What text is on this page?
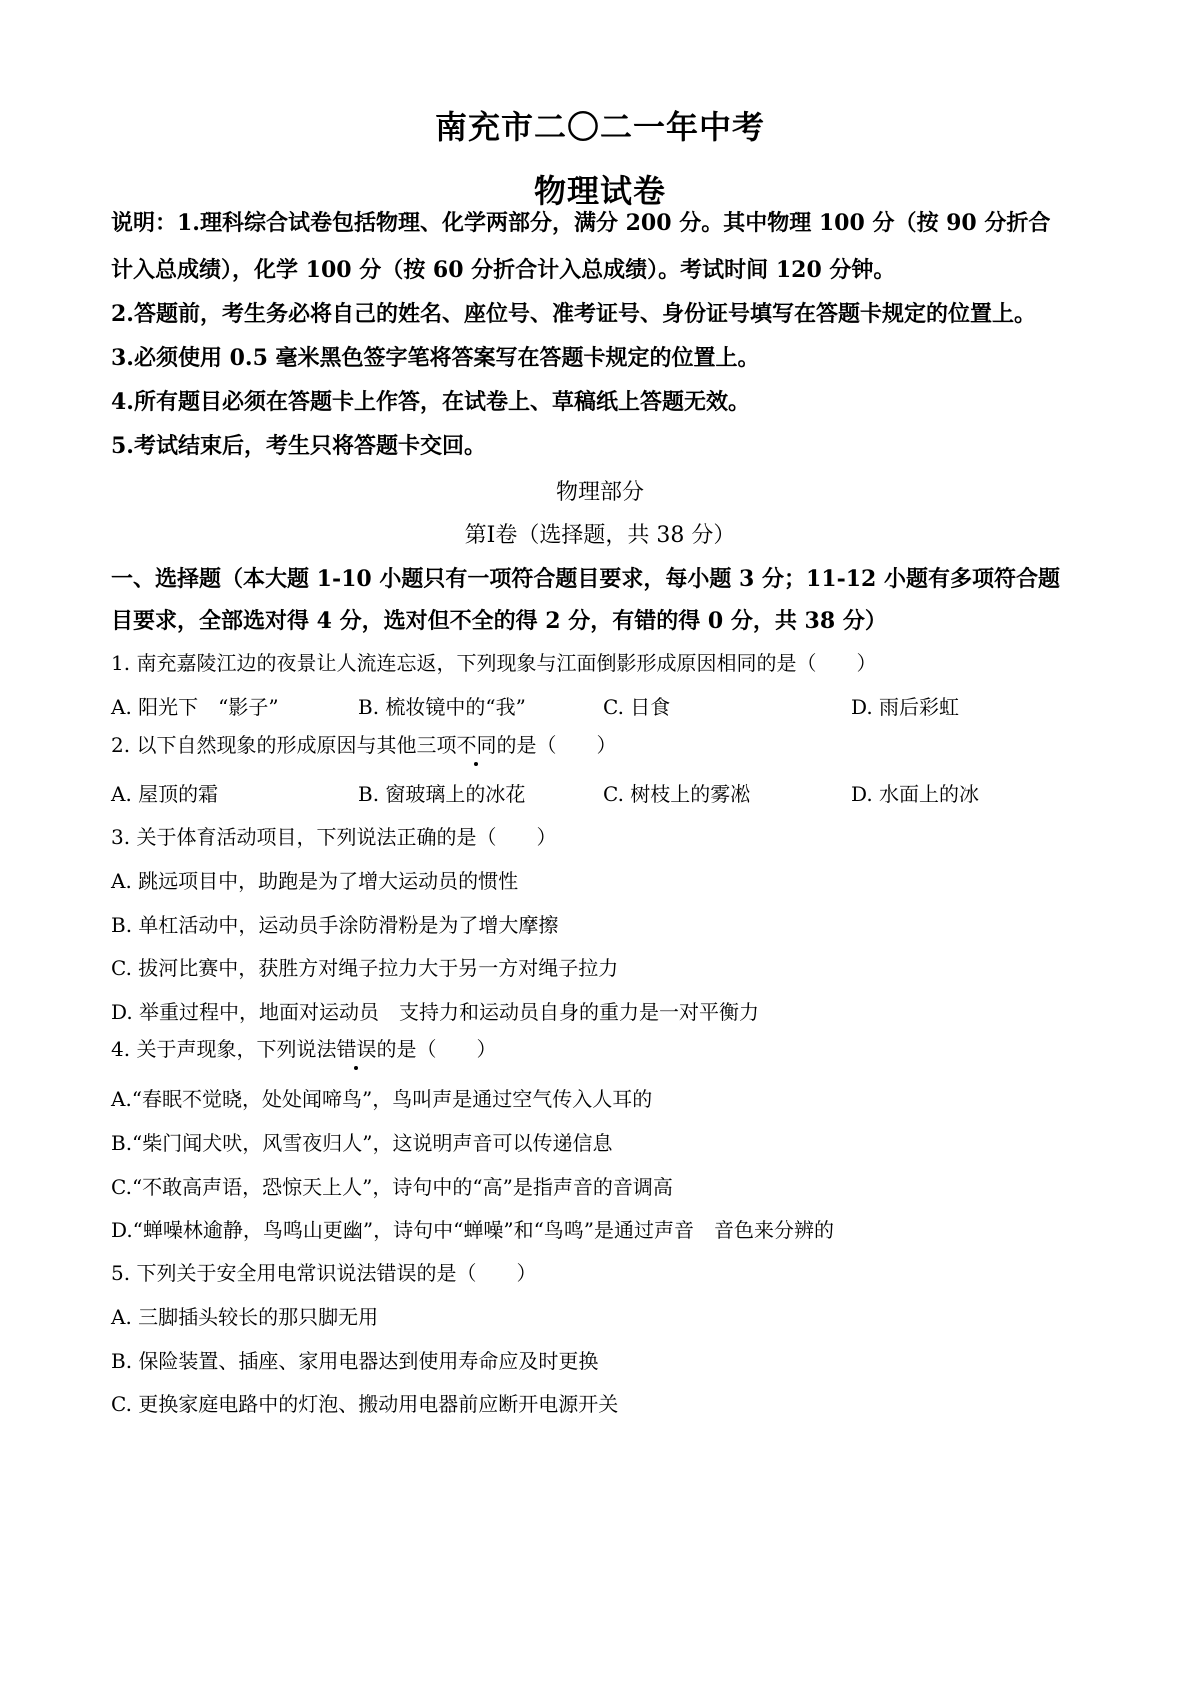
南充市二〇二一年中考
物理试卷
说明：1.理科综合试卷包括物理、化学两部分，满分 200 分。其中物理 100 分（按 90 分折合
计入总成绩），化学 100 分（按 60 分折合计入总成绩）。考试时间 120 分钟。
2.答题前，考生务必将自己的姓名、座位号、准考证号、身份证号填写在答题卡规定的位置上。
3.必须使用 0.5 毫米黑色签字笔将答案写在答题卡规定的位置上。
4.所有题目必须在答题卡上作答，在试卷上、草稿纸上答题无效。
5.考试结束后，考生只将答题卡交回。
物理部分
第Ⅰ卷（选择题，共 38 分）
一、选择题（本大题 1-10 小题只有一项符合题目要求，每小题 3 分；11-12 小题有多项符合题
目要求，全部选对得 4 分，选对但不全的得 2 分，有错的得 0 分，共 38 分）
1. 南充嘉陵江边的夜景让人流连忘返，下列现象与江面倒影形成原因相同的是（　　）
A. 阳光下　“影子”	B. 梳妆镜中的“我”	C. 日食	D. 雨后彩虹
2. 以下自然现象的形成原因与其他三项不同的是（　　）
A. 屋顶的霜	B. 窗玻璃上的冰花	C. 树枝上的雾凇	D. 水面上的冰
3. 关于体育活动项目，下列说法正确的是（　　）
A. 跳远项目中，助跑是为了增大运动员的惯性
B. 单杠活动中，运动员手涂防滑粉是为了增大摩擦
C. 拔河比赛中，获胜方对绳子拉力大于另一方对绳子拉力
D. 举重过程中，地面对运动员　支持力和运动员自身的重力是一对平衡力
4. 关于声现象，下列说法错误的是（　　）
A.“春眠不觉晓，处处闻啼鸟”，鸟叫声是通过空气传入人耳的
B.“柴门闻犬吠，风雪夜归人”，这说明声音可以传递信息
C.“不敢高声语，恐惊天上人”，诗句中的“高”是指声音的音调高
D.“蝉噪林逾静，鸟鸣山更幽”，诗句中“蝉噪”和“鸟鸣”是通过声音　音色来分辨的
5. 下列关于安全用电常识说法错误的是（　　）
A. 三脚插头较长的那只脚无用
B. 保险装置、插座、家用电器达到使用寿命应及时更换
C. 更换家庭电路中的灯泡、搬动用电器前应断开电源开关
